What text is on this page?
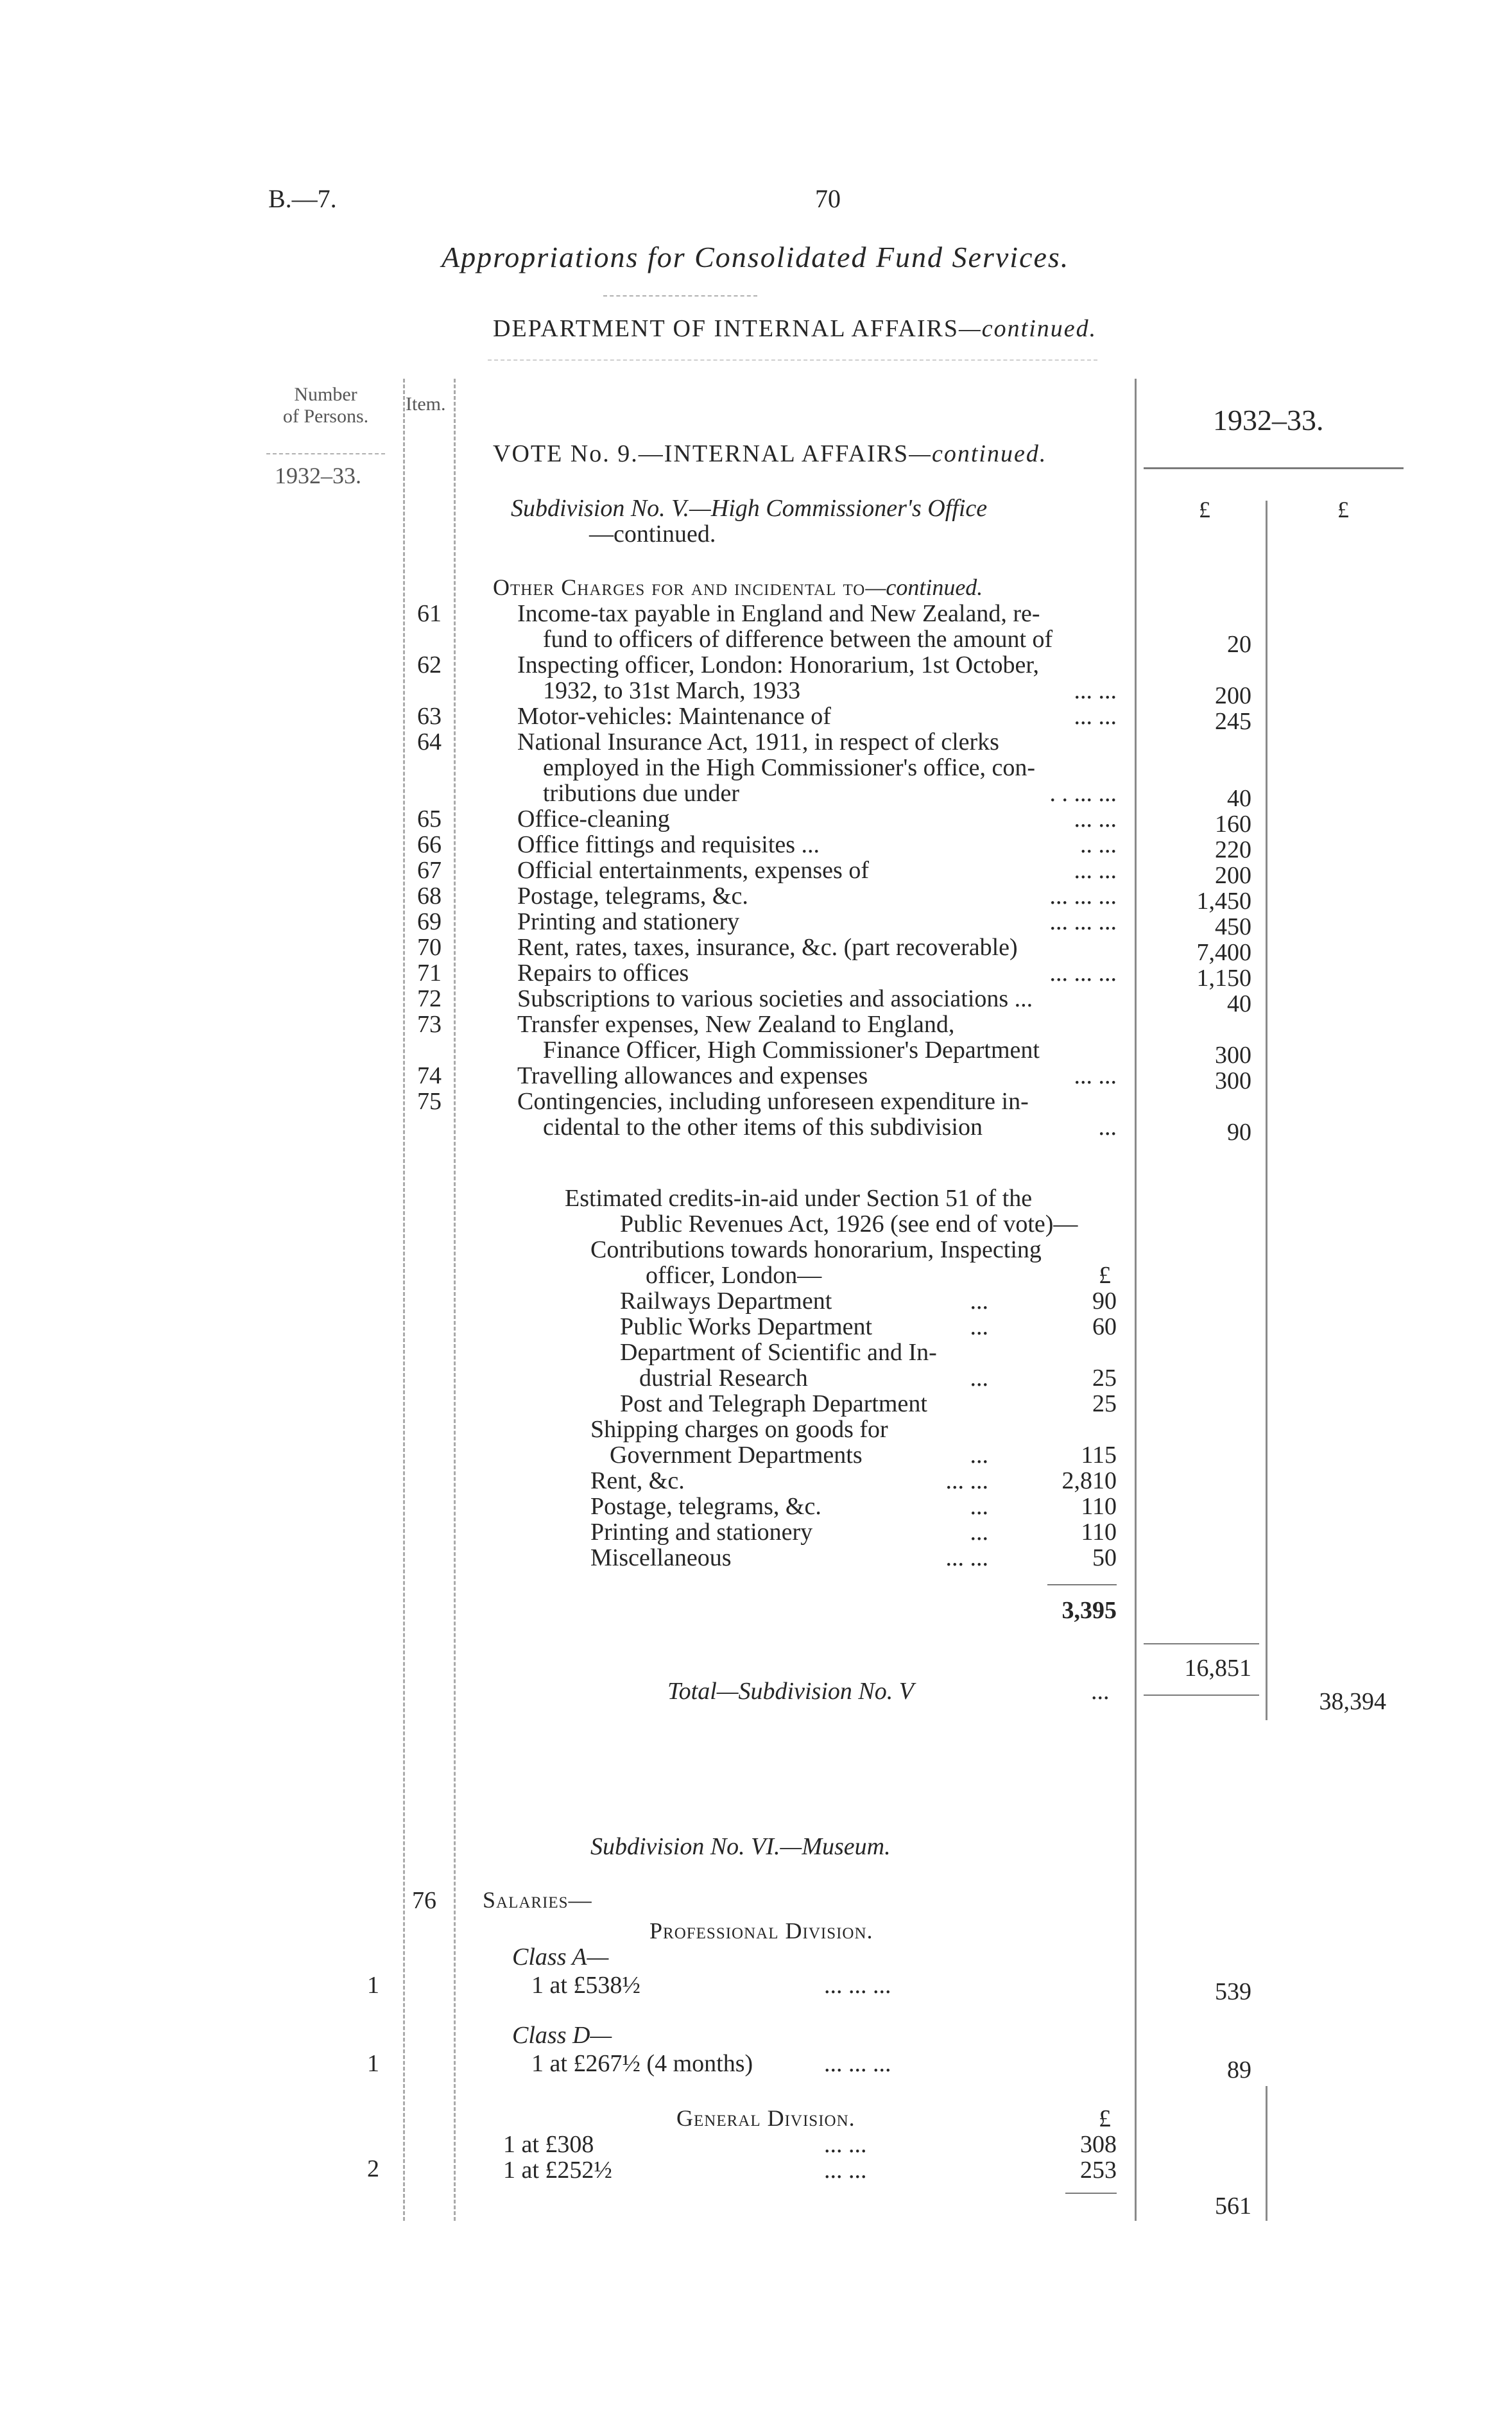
B.—7.	70
Appropriations for Consolidated Fund Services.
DEPARTMENT OF INTERNAL AFFAIRS—continued.
Number
of Persons.
1932–33.
Item.	1932–33.
£	£
VOTE No. 9.—INTERNAL AFFAIRS—continued.
Subdivision No. V.—High Commissioner's Office
—continued.
Other Charges for and incidental to—continued.
61	Income-tax payable in England and New Zealand, re-
fund to officers of difference between the amount of	20
62	Inspecting officer, London: Honorarium, 1st October,
1932, to 31st March, 1933	... ...	200
63	Motor-vehicles: Maintenance of	... ...	245
64	National Insurance Act, 1911, in respect of clerks
employed in the High Commissioner's office, con-
tributions due under	. . ... ...	40
65	Office-cleaning	... ...	160
66	Office fittings and requisites ...	.. ...	220
67	Official entertainments, expenses of	... ...	200
68	Postage, telegrams, &c.	... ... ...	1,450
69	Printing and stationery	... ... ...	450
70	Rent, rates, taxes, insurance, &c. (part recoverable)	7,400
71	Repairs to offices	... ... ...	1,150
72	Subscriptions to various societies and associations ...	40
73	Transfer expenses, New Zealand to England,
Finance Officer, High Commissioner's Department	300
74	Travelling allowances and expenses	... ...	300
75	Contingencies, including unforeseen expenditure in-
cidental to the other items of this subdivision	...	90
Estimated credits-in-aid under Section 51 of the
Public Revenues Act, 1926 (see end of vote)—
Contributions towards honorarium, Inspecting
officer, London—	£
Railways Department	...	90
Public Works Department	...	60
Department of Scientific and In-
dustrial Research	...	25
Post and Telegraph Department	25
Shipping charges on goods for
Government Departments	...	115
Rent, &c.	... ...	2,810
Postage, telegrams, &c.	...	110
Printing and stationery	...	110
Miscellaneous	... ...	50
3,395
16,851
Total—Subdivision No. V	...	38,394
Subdivision No. VI.—Museum.
76 Salaries—
Professional Division.
Class A—
1	1 at £538½	... ... ...	539
Class D—
1	1 at £267½ (4 months)	... ... ...	89
General Division.	£
1 at £308	... ...	308
2	1 at £252½	... ...	253
561
